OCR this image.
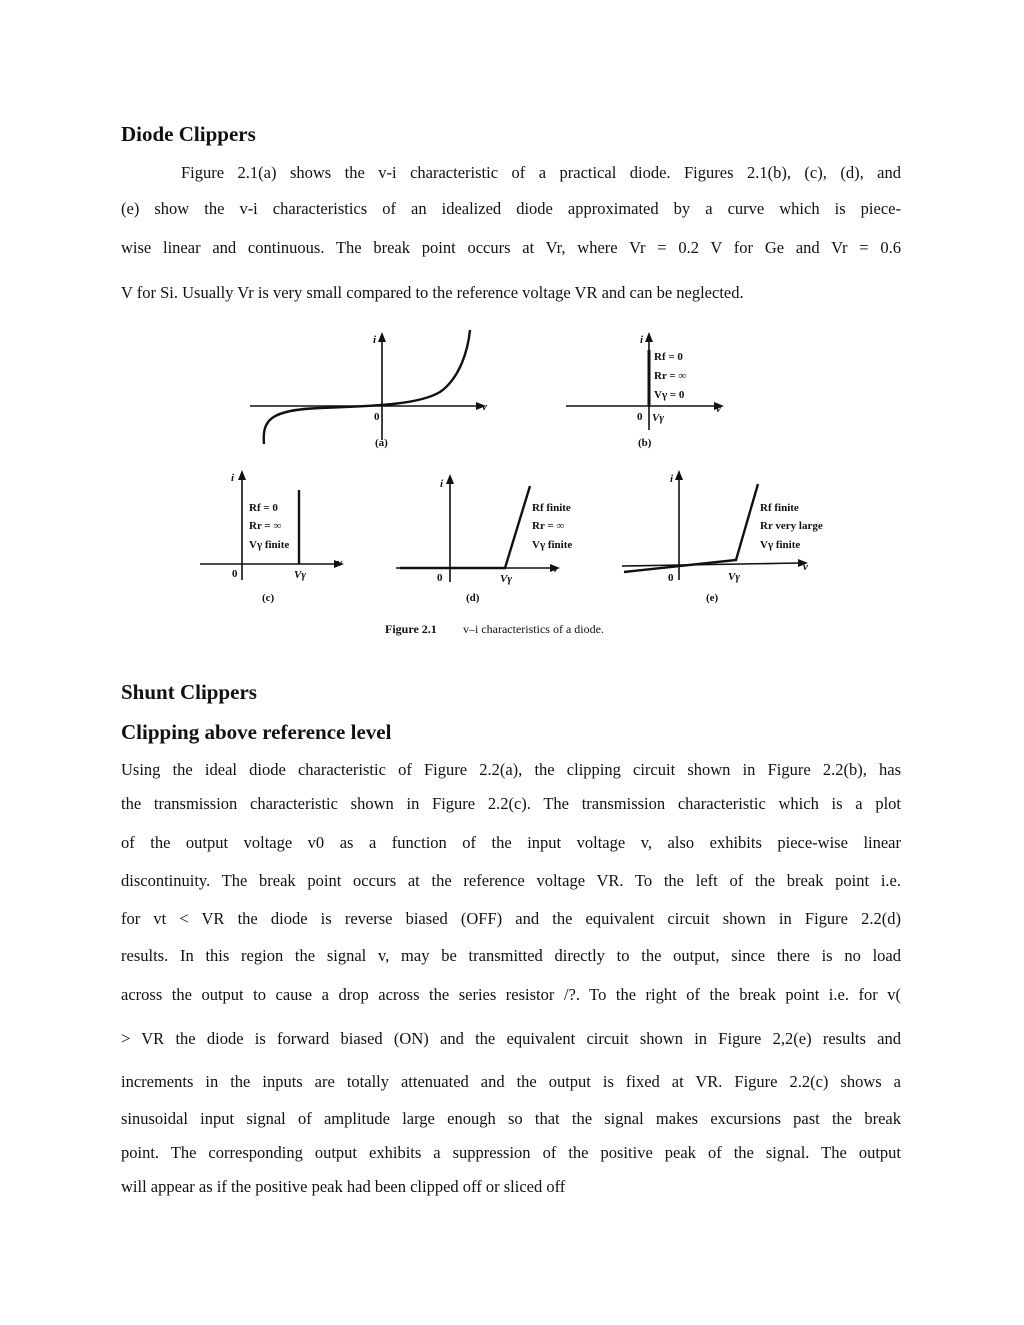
Diode Clippers
Figure 2.1(a) shows the v-i characteristic of a practical diode. Figures 2.1(b), (c), (d), and
(e) show the v-i characteristics of an idealized diode approximated by a curve which is piece-
wise linear and continuous. The break point occurs at Vr, where Vr = 0.2 V for Ge and Vr = 0.6
V for Si. Usually Vr is very small compared to the reference voltage VR and can be neglected.
i
v
0
(a)
i
v
Rf = 0
Rr = ∞
Vγ = 0
0 Vγ
(b)
i
v
Rf = 0
Rr = ∞
Vγ finite
0	Vγ
(c)
i
v
Rf finite
Rr = ∞
Vγ finite
0	Vγ
(d)
i
v
Rf finite
Rr very large
Vγ finite
0	Vγ
(e)
Figure 2.1 v–i characteristics of a diode.
Shunt Clippers
Clipping above reference level
Using the ideal diode characteristic of Figure 2.2(a), the clipping circuit shown in Figure 2.2(b), has
the transmission characteristic shown in Figure 2.2(c). The transmission characteristic which is a plot
of the output voltage v0 as a function of the input voltage v, also exhibits piece-wise linear
discontinuity. The break point occurs at the reference voltage VR. To the left of the break point i.e.
for vt < VR the diode is reverse biased (OFF) and the equivalent circuit shown in Figure 2.2(d)
results. In this region the signal v, may be transmitted directly to the output, since there is no load
across the output to cause a drop across the series resistor /?. To the right of the break point i.e. for v(
> VR the diode is forward biased (ON) and the equivalent circuit shown in Figure 2,2(e) results and
increments in the inputs are totally attenuated and the output is fixed at VR. Figure 2.2(c) shows a
sinusoidal input signal of amplitude large enough so that the signal makes excursions past the break
point. The corresponding output exhibits a suppression of the positive peak of the signal. The output
will appear as if the positive peak had been clipped off or sliced off
